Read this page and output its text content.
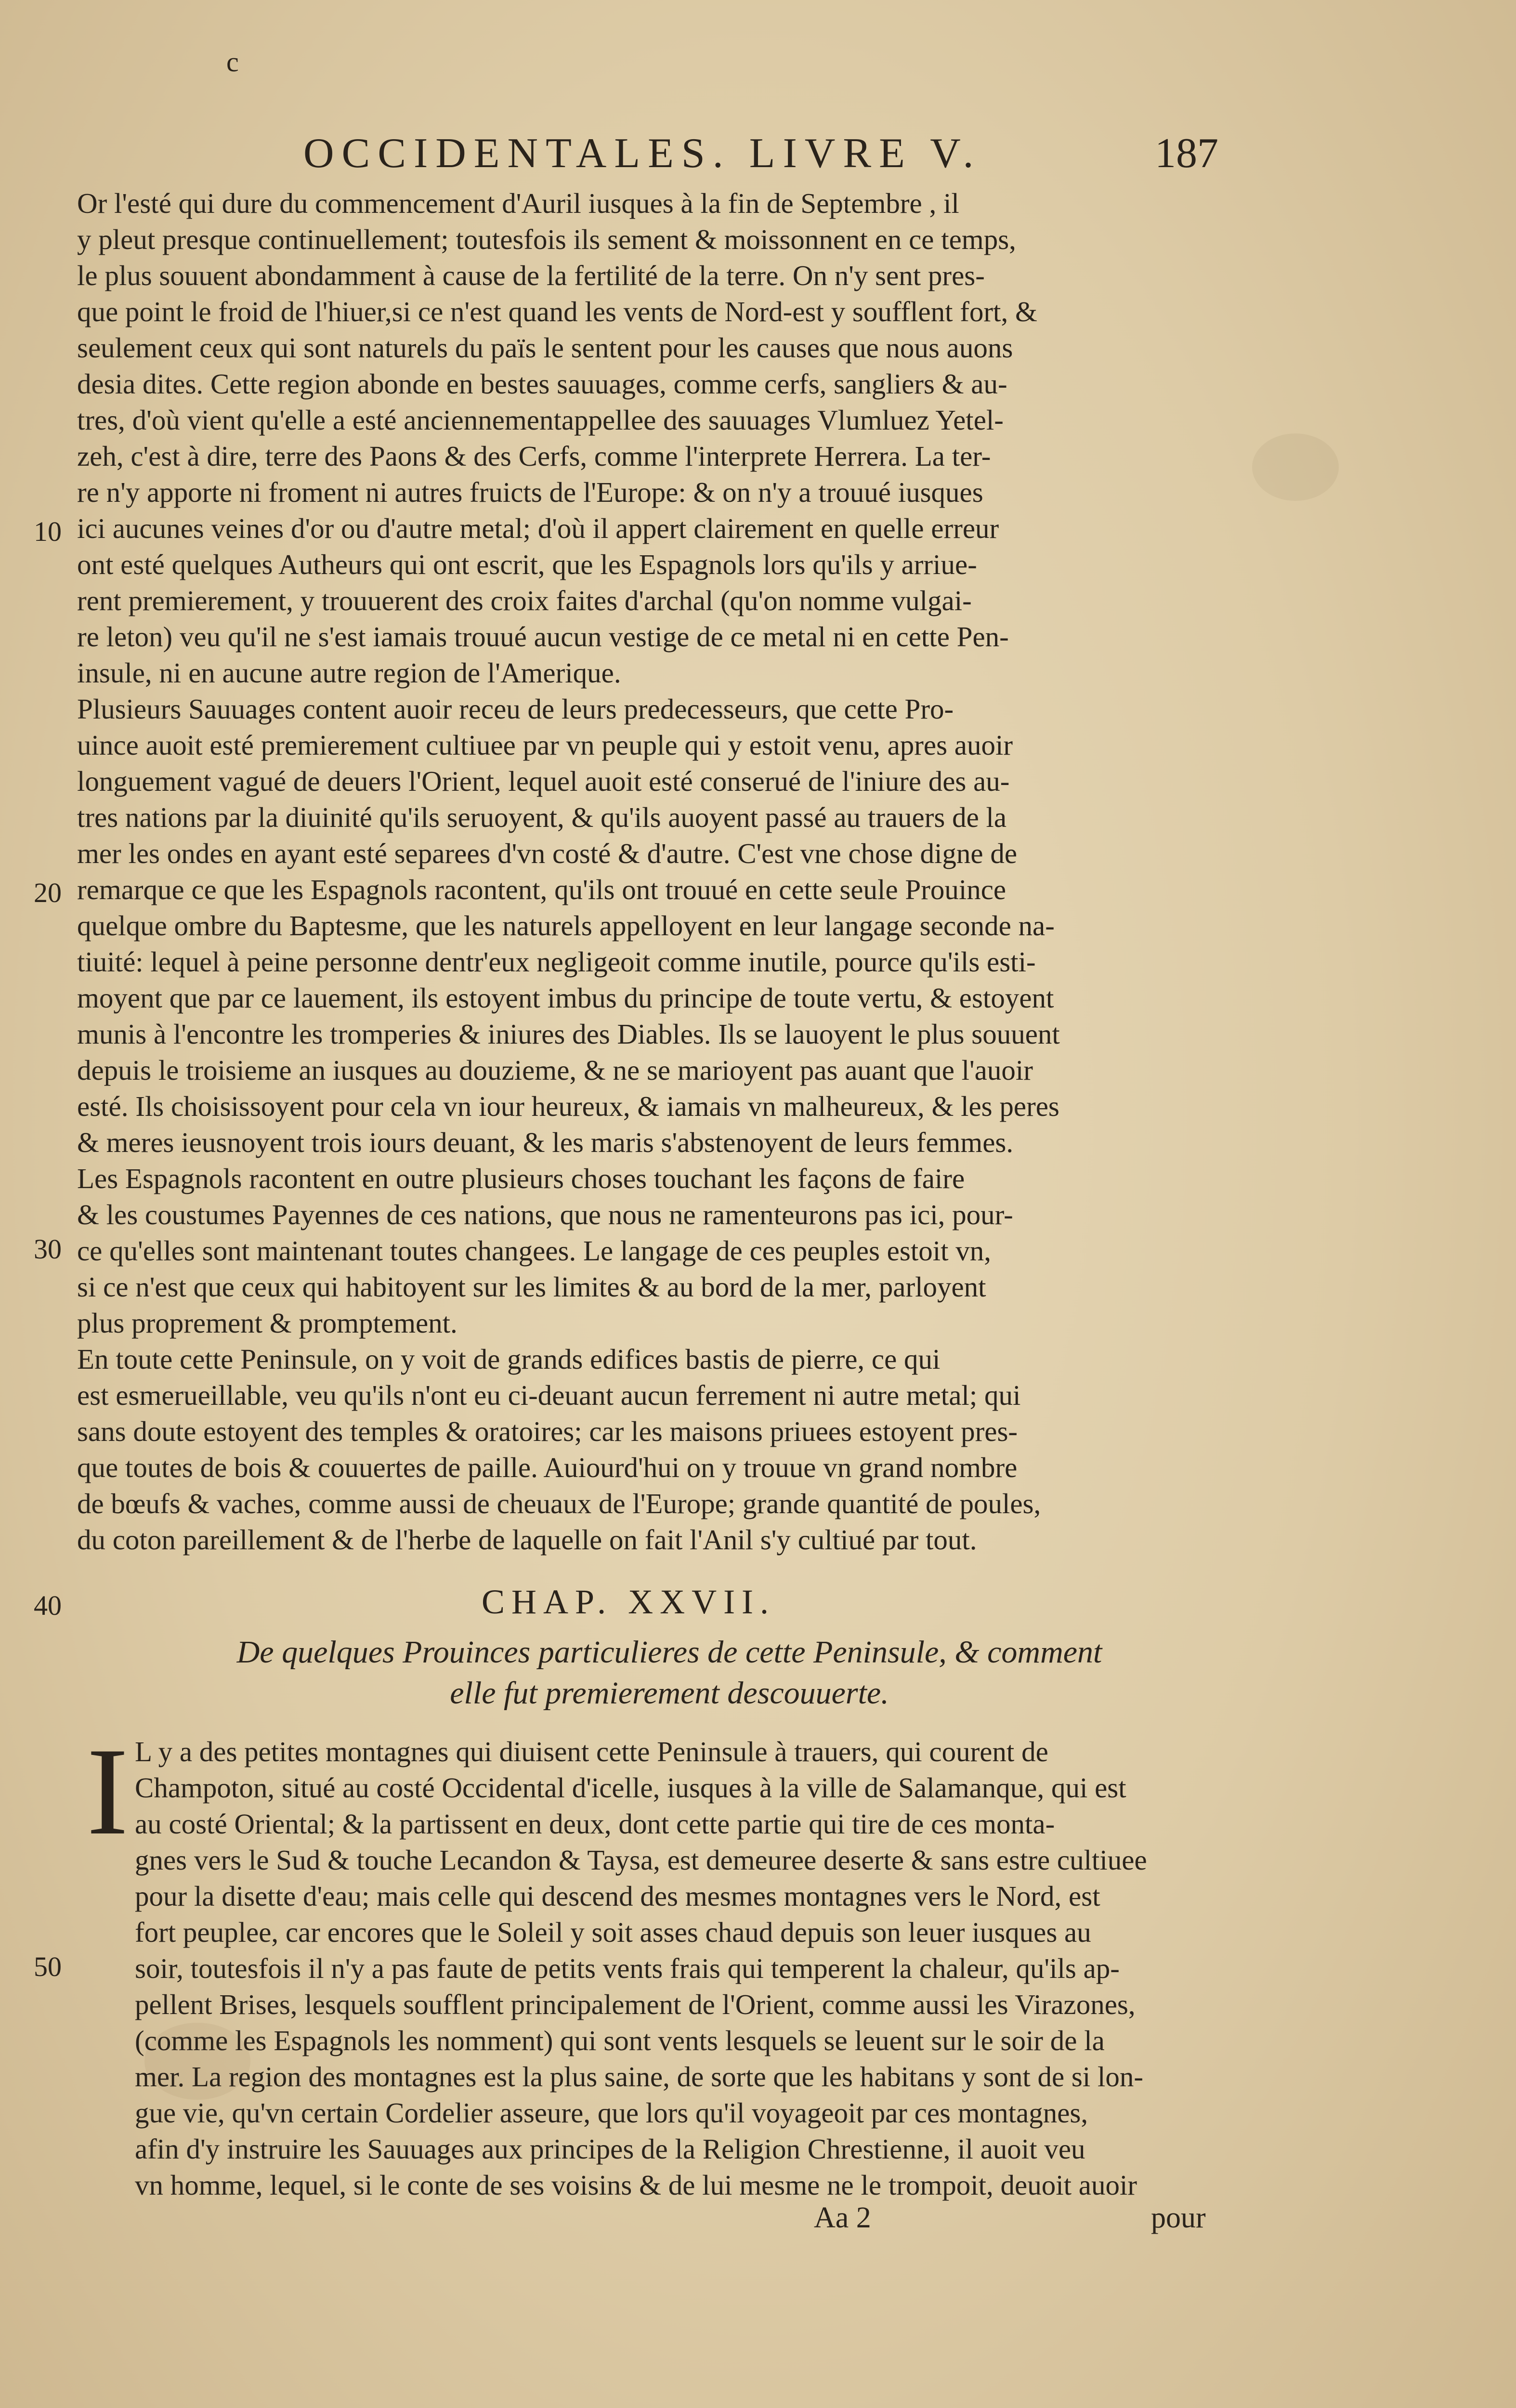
c
OCCIDENTALES. LIVRE V.	187
Or l'esté qui dure du commencement d'Auril iusques à la fin de Septembre , il
y pleut presque continuellement; toutesfois ils sement & moissonnent en ce temps,
le plus souuent abondamment à cause de la fertilité de la terre. On n'y sent pres-
que point le froid de l'hiuer,si ce n'est quand les vents de Nord-est y soufflent fort, &
seulement ceux qui sont naturels du païs le sentent pour les causes que nous auons
desia dites. Cette region abonde en bestes sauuages, comme cerfs, sangliers & au-
tres, d'où vient qu'elle a esté anciennementappellee des sauuages Vlumluez Yetel-
zeh, c'est à dire, terre des Paons & des Cerfs, comme l'interprete Herrera. La ter-
re n'y apporte ni froment ni autres fruicts de l'Europe: & on n'y a trouué iusques
ici aucunes veines d'or ou d'autre metal; d'où il appert clairement en quelle erreur
ont esté quelques Autheurs qui ont escrit, que les Espagnols lors qu'ils y arriue-
rent premierement, y trouuerent des croix faites d'archal (qu'on nomme vulgai-
re leton) veu qu'il ne s'est iamais trouué aucun vestige de ce metal ni en cette Pen-
insule, ni en aucune autre region de l'Amerique.
Plusieurs Sauuages content auoir receu de leurs predecesseurs, que cette Pro-
uince auoit esté premierement cultiuee par vn peuple qui y estoit venu, apres auoir
longuement vagué de deuers l'Orient, lequel auoit esté conserué de l'iniure des au-
tres nations par la diuinité qu'ils seruoyent, & qu'ils auoyent passé au trauers de la
mer les ondes en ayant esté separees d'vn costé & d'autre. C'est vne chose digne de
remarque ce que les Espagnols racontent, qu'ils ont trouué en cette seule Prouince
quelque ombre du Baptesme, que les naturels appelloyent en leur langage seconde na-
tiuité: lequel à peine personne dentr'eux negligeoit comme inutile, pource qu'ils esti-
moyent que par ce lauement, ils estoyent imbus du principe de toute vertu, & estoyent
munis à l'encontre les tromperies & iniures des Diables. Ils se lauoyent le plus souuent
depuis le troisieme an iusques au douzieme, & ne se marioyent pas auant que l'auoir
esté. Ils choisissoyent pour cela vn iour heureux, & iamais vn malheureux, & les peres
& meres ieusnoyent trois iours deuant, & les maris s'abstenoyent de leurs femmes.
Les Espagnols racontent en outre plusieurs choses touchant les façons de faire
& les coustumes Payennes de ces nations, que nous ne ramenteurons pas ici, pour-
ce qu'elles sont maintenant toutes changees. Le langage de ces peuples estoit vn,
si ce n'est que ceux qui habitoyent sur les limites & au bord de la mer, parloyent
plus proprement & promptement.
En toute cette Peninsule, on y voit de grands edifices bastis de pierre, ce qui
est esmerueillable, veu qu'ils n'ont eu ci-deuant aucun ferrement ni autre metal; qui
sans doute estoyent des temples & oratoires; car les maisons priuees estoyent pres-
que toutes de bois & couuertes de paille. Auiourd'hui on y trouue vn grand nombre
de bœufs & vaches, comme aussi de cheuaux de l'Europe; grande quantité de poules,
du coton pareillement & de l'herbe de laquelle on fait l'Anil s'y cultiué par tout.
10
20
30
40
50
CHAP. XXVII.
De quelques Prouinces particulieres de cette Peninsule, & comment
elle fut premierement descouuerte.
I L y a des petites montagnes qui diuisent cette Peninsule à trauers, qui courent de
Champoton, situé au costé Occidental d'icelle, iusques à la ville de Salamanque, qui est
au costé Oriental; & la partissent en deux, dont cette partie qui tire de ces monta-
gnes vers le Sud & touche Lecandon & Taysa, est demeuree deserte & sans estre cultiuee
pour la disette d'eau; mais celle qui descend des mesmes montagnes vers le Nord, est
fort peuplee, car encores que le Soleil y soit asses chaud depuis son leuer iusques au
soir, toutesfois il n'y a pas faute de petits vents frais qui temperent la chaleur, qu'ils ap-
pellent Brises, lesquels soufflent principalement de l'Orient, comme aussi les Virazones,
(comme les Espagnols les nomment) qui sont vents lesquels se leuent sur le soir de la
mer. La region des montagnes est la plus saine, de sorte que les habitans y sont de si lon-
gue vie, qu'vn certain Cordelier asseure, que lors qu'il voyageoit par ces montagnes,
afin d'y instruire les Sauuages aux principes de la Religion Chrestienne, il auoit veu
vn homme, lequel, si le conte de ses voisins & de lui mesme ne le trompoit, deuoit auoir
Aa 2	pour
